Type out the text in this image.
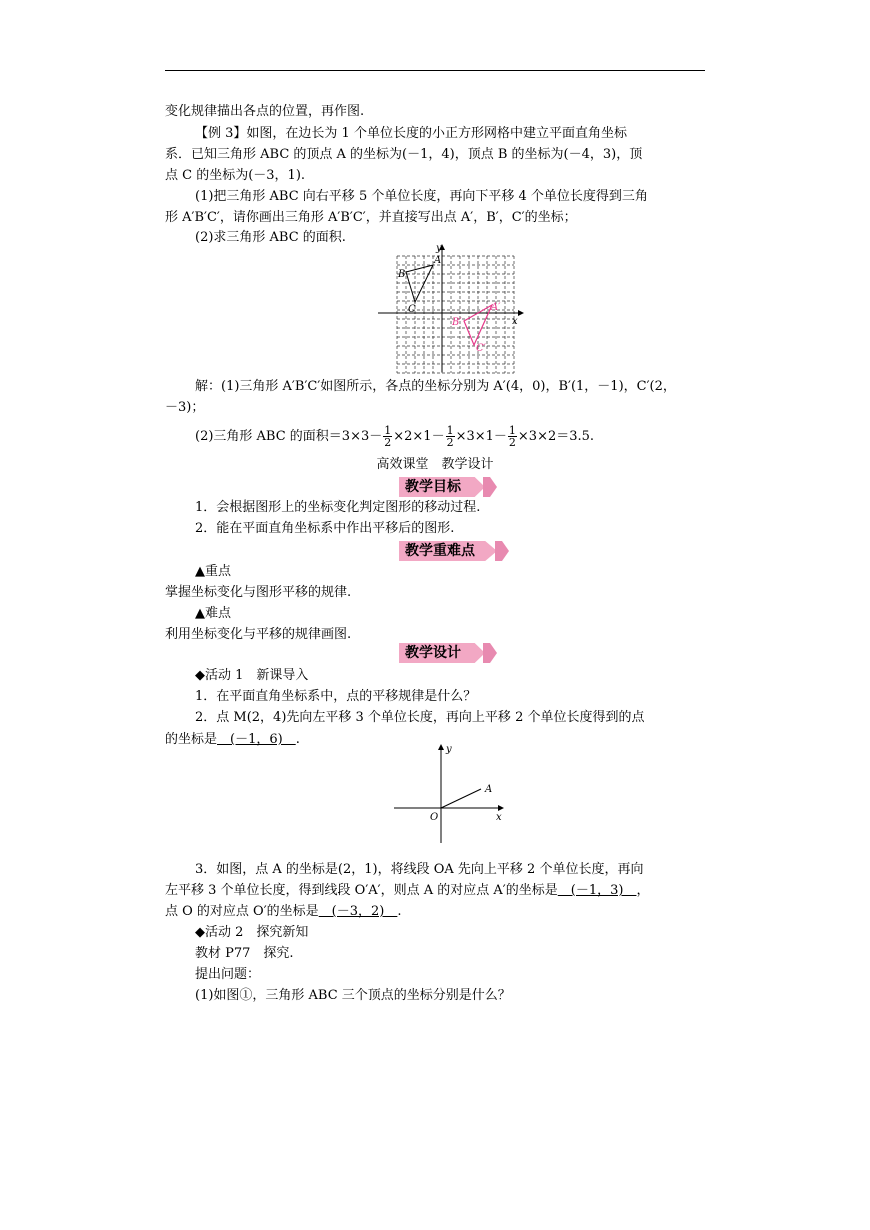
变化规律描出各点的位置，再作图.
【例 3】如图，在边长为 1 个单位长度的小正方形网格中建立平面直角坐标
系．已知三角形 ABC 的顶点 A 的坐标为(－1，4)，顶点 B 的坐标为(－4，3)，顶
点 C 的坐标为(－3，1).
(1)把三角形 ABC 向右平移 5 个单位长度，再向下平移 4 个单位长度得到三角
形 A′B′C′，请你画出三角形 A′B′C′，并直接写出点 A′，B′，C′的坐标；
(2)求三角形 ABC 的面积.
y
x
A
B
C	A′
B′
C′
解：(1)三角形 A′B′C′如图所示，各点的坐标分别为 A′(4，0)，B′(1，－1)，C′(2，
－3)；
(2)三角形 ABC 的面积$=3\times 3- \frac{1}{2} \times 2\times 1- \frac{1}{2} \times 3\times 1- \frac{1}{2} \times 3\times 2=3.5$.
高效课堂　教学设计
教学目标
1．会根据图形上的坐标变化判定图形的移动过程.
2．能在平面直角坐标系中作出平移后的图形.
教学重难点
▲重点
掌握坐标变化与图形平移的规律.
▲难点
利用坐标变化与平移的规律画图.
教学设计
◆活动 1　新课导入
1．在平面直角坐标系中，点的平移规律是什么？
2．点 M(2，4)先向左平移 3 个单位长度，再向上平移 2 个单位长度得到的点
的坐标是　(－1，6)　.
y
x
O
A
3．如图，点 A 的坐标是(2，1)，将线段 OA 先向上平移 2 个单位长度，再向
左平移 3 个单位长度，得到线段 O′A′，则点 A 的对应点 A′的坐标是　(－1，3)　，
点 O 的对应点 O′的坐标是　(－3，2)　.
◆活动 2　探究新知
教材 P77　探究.
提出问题：
(1)如图①，三角形 ABC 三个顶点的坐标分别是什么？
